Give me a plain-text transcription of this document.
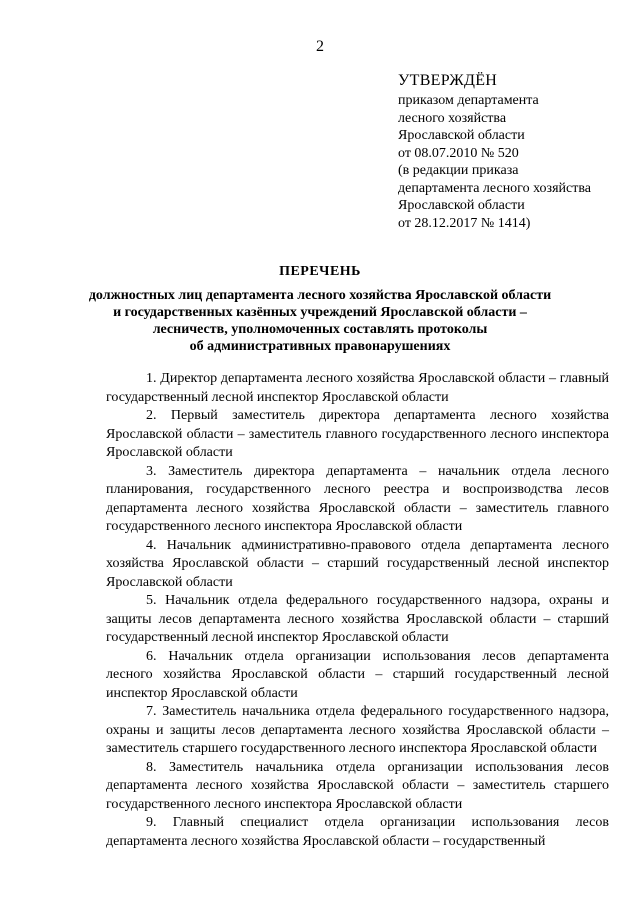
2

УТВЕРЖДЁН

приказом департамента

лесного хозяйства

Ярославской области

от 08.07.2010 № 520

(в редакции приказа

департамента лесного хозяйства

Ярославской области

от 28.12.2017 № 1414)

ПЕРЕЧЕНЬ

должностных лиц департамента лесного хозяйства Ярославской области

и государственных казённых учреждений Ярославской области –

лесничеств, уполномоченных составлять протоколы

об административных правонарушениях

1. Директор департамента лесного хозяйства Ярославской области – главный государственный лесной инспектор Ярославской области

2. Первый заместитель директора департамента лесного хозяйства Ярославской области – заместитель главного государственного лесного инспектора Ярославской области

3. Заместитель директора департамента – начальник отдела лесного планирования, государственного лесного реестра и воспроизводства лесов департамента лесного хозяйства Ярославской области – заместитель главного государственного лесного инспектора Ярославской области

4. Начальник административно-правового отдела департамента лесного хозяйства Ярославской области – старший государственный лесной инспектор Ярославской области

5. Начальник отдела федерального государственного надзора, охраны и защиты лесов департамента лесного хозяйства Ярославской области – старший государственный лесной инспектор Ярославской области

6. Начальник отдела организации использования лесов департамента лесного хозяйства Ярославской области – старший государственный лесной инспектор Ярославской области

7. Заместитель начальника отдела федерального государственного надзора, охраны и защиты лесов департамента лесного хозяйства Ярославской области – заместитель старшего государственного лесного инспектора Ярославской области

8. Заместитель начальника отдела организации использования лесов департамента лесного хозяйства Ярославской области – заместитель старшего государственного лесного инспектора Ярославской области

9. Главный специалист отдела организации использования лесов департамента лесного хозяйства Ярославской области – государственный
